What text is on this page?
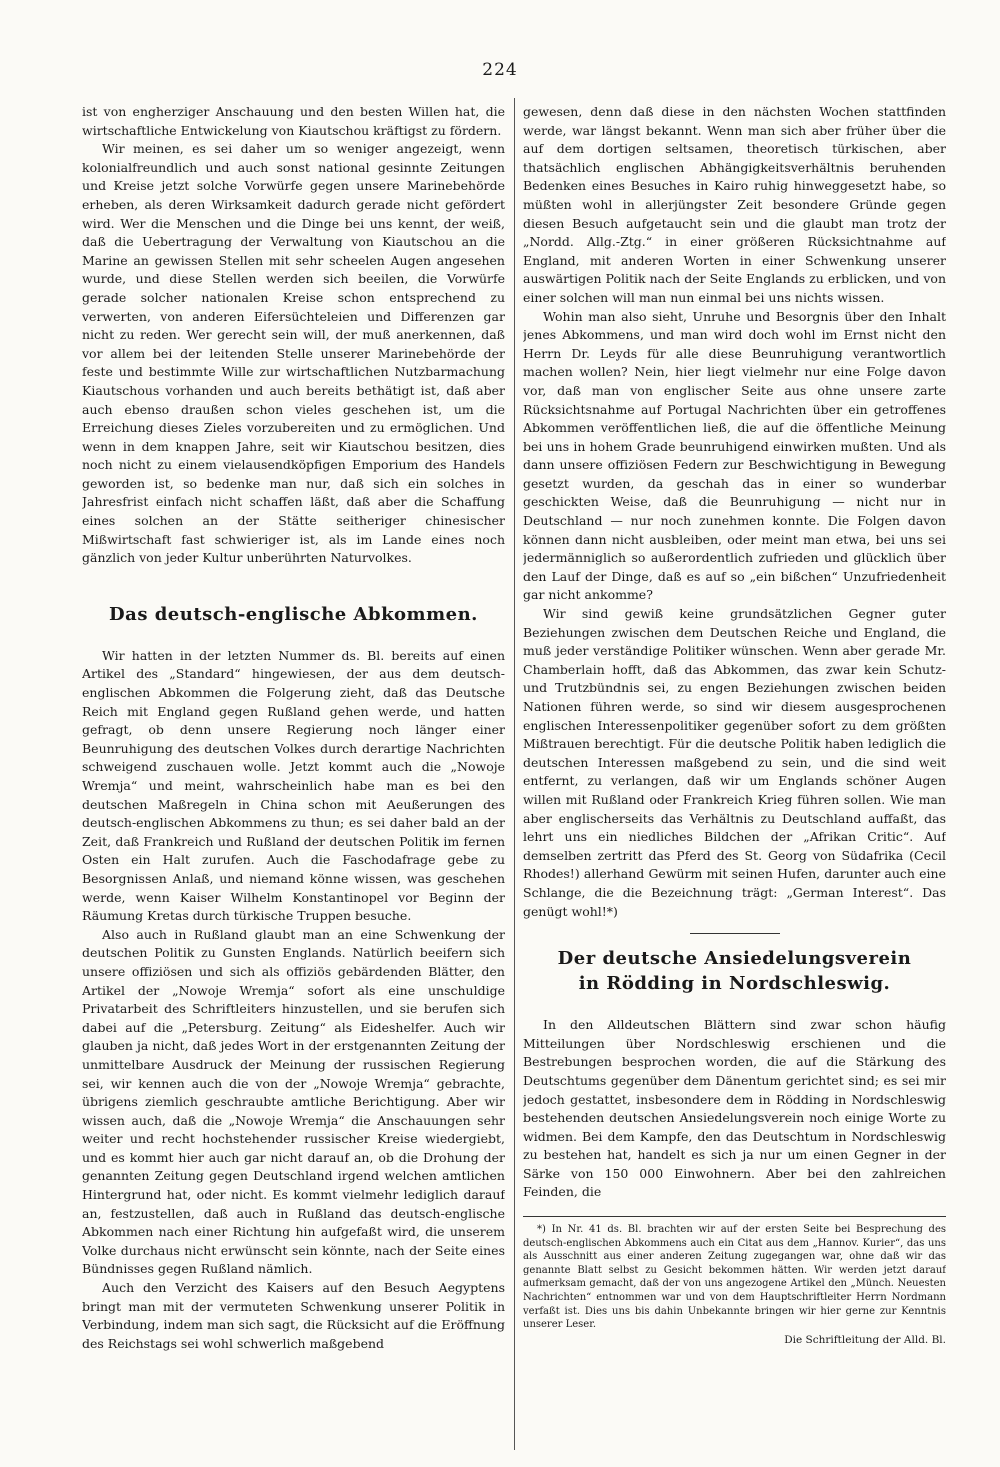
224

ist von engherziger Anschauung und den besten Willen hat, die wirtschaftliche Entwickelung von Kiautschou kräftigst zu fördern.

Wir meinen, es sei daher um so weniger angezeigt, wenn kolonialfreundlich und auch sonst national gesinnte Zeitungen und Kreise jetzt solche Vorwürfe gegen unsere Marinebehörde erheben, als deren Wirksamkeit dadurch gerade nicht gefördert wird. Wer die Menschen und die Dinge bei uns kennt, der weiß, daß die Uebertragung der Verwaltung von Kiautschou an die Marine an gewissen Stellen mit sehr scheelen Augen angesehen wurde, und diese Stellen werden sich beeilen, die Vorwürfe gerade solcher nationalen Kreise schon entsprechend zu verwerten, von anderen Eifersüchteleien und Differenzen gar nicht zu reden. Wer gerecht sein will, der muß anerkennen, daß vor allem bei der leitenden Stelle unserer Marinebehörde der feste und bestimmte Wille zur wirtschaftlichen Nutzbarmachung Kiautschous vorhanden und auch bereits bethätigt ist, daß aber auch ebenso draußen schon vieles geschehen ist, um die Erreichung dieses Zieles vorzubereiten und zu ermöglichen. Und wenn in dem knappen Jahre, seit wir Kiautschou besitzen, dies noch nicht zu einem vielausendköpfigen Emporium des Handels geworden ist, so bedenke man nur, daß sich ein solches in Jahresfrist einfach nicht schaffen läßt, daß aber die Schaffung eines solchen an der Stätte seitheriger chinesischer Mißwirtschaft fast schwieriger ist, als im Lande eines noch gänzlich von jeder Kultur unberührten Naturvolkes.

Das deutsch-englische Abkommen.

Wir hatten in der letzten Nummer ds. Bl. bereits auf einen Artikel des „Standard“ hingewiesen, der aus dem deutsch-englischen Abkommen die Folgerung zieht, daß das Deutsche Reich mit England gegen Rußland gehen werde, und hatten gefragt, ob denn unsere Regierung noch länger einer Beunruhigung des deutschen Volkes durch derartige Nachrichten schweigend zuschauen wolle. Jetzt kommt auch die „Nowoje Wremja“ und meint, wahrscheinlich habe man es bei den deutschen Maßregeln in China schon mit Aeußerungen des deutsch-englischen Abkommens zu thun; es sei daher bald an der Zeit, daß Frankreich und Rußland der deutschen Politik im fernen Osten ein Halt zurufen. Auch die Faschodafrage gebe zu Besorgnissen Anlaß, und niemand könne wissen, was geschehen werde, wenn Kaiser Wilhelm Konstantinopel vor Beginn der Räumung Kretas durch türkische Truppen besuche.

Also auch in Rußland glaubt man an eine Schwenkung der deutschen Politik zu Gunsten Englands. Natürlich beeifern sich unsere offiziösen und sich als offiziös gebärdenden Blätter, den Artikel der „Nowoje Wremja“ sofort als eine unschuldige Privatarbeit des Schriftleiters hinzustellen, und sie berufen sich dabei auf die „Petersburg. Zeitung“ als Eideshelfer. Auch wir glauben ja nicht, daß jedes Wort in der erstgenannten Zeitung der unmittelbare Ausdruck der Meinung der russischen Regierung sei, wir kennen auch die von der „Nowoje Wremja“ gebrachte, übrigens ziemlich geschraubte amtliche Berichtigung. Aber wir wissen auch, daß die „Nowoje Wremja“ die Anschauungen sehr weiter und recht hochstehender russischer Kreise wiedergiebt, und es kommt hier auch gar nicht darauf an, ob die Drohung der genannten Zeitung gegen Deutschland irgend welchen amtlichen Hintergrund hat, oder nicht. Es kommt vielmehr lediglich darauf an, festzustellen, daß auch in Rußland das deutsch-englische Abkommen nach einer Richtung hin aufgefaßt wird, die unserem Volke durchaus nicht erwünscht sein könnte, nach der Seite eines Bündnisses gegen Rußland nämlich.

Auch den Verzicht des Kaisers auf den Besuch Aegyptens bringt man mit der vermuteten Schwenkung unserer Politik in Verbindung, indem man sich sagt, die Rücksicht auf die Eröffnung des Reichstags sei wohl schwerlich maßgebend

gewesen, denn daß diese in den nächsten Wochen stattfinden werde, war längst bekannt. Wenn man sich aber früher über die auf dem dortigen seltsamen, theoretisch türkischen, aber thatsächlich englischen Abhängigkeitsverhältnis beruhenden Bedenken eines Besuches in Kairo ruhig hinweggesetzt habe, so müßten wohl in allerjüngster Zeit besondere Gründe gegen diesen Besuch aufgetaucht sein und die glaubt man trotz der „Nordd. Allg.-Ztg.“ in einer größeren Rücksichtnahme auf England, mit anderen Worten in einer Schwenkung unserer auswärtigen Politik nach der Seite Englands zu erblicken, und von einer solchen will man nun einmal bei uns nichts wissen.

Wohin man also sieht, Unruhe und Besorgnis über den Inhalt jenes Abkommens, und man wird doch wohl im Ernst nicht den Herrn Dr. Leyds für alle diese Beunruhigung verantwortlich machen wollen? Nein, hier liegt vielmehr nur eine Folge davon vor, daß man von englischer Seite aus ohne unsere zarte Rücksichtsnahme auf Portugal Nachrichten über ein getroffenes Abkommen veröffentlichen ließ, die auf die öffentliche Meinung bei uns in hohem Grade beunruhigend einwirken mußten. Und als dann unsere offiziösen Federn zur Beschwichtigung in Bewegung gesetzt wurden, da geschah das in einer so wunderbar geschickten Weise, daß die Beunruhigung — nicht nur in Deutschland — nur noch zunehmen konnte. Die Folgen davon können dann nicht ausbleiben, oder meint man etwa, bei uns sei jedermänniglich so außerordentlich zufrieden und glücklich über den Lauf der Dinge, daß es auf so „ein bißchen“ Unzufriedenheit gar nicht ankomme?

Wir sind gewiß keine grundsätzlichen Gegner guter Beziehungen zwischen dem Deutschen Reiche und England, die muß jeder verständige Politiker wünschen. Wenn aber gerade Mr. Chamberlain hofft, daß das Abkommen, das zwar kein Schutz- und Trutzbündnis sei, zu engen Beziehungen zwischen beiden Nationen führen werde, so sind wir diesem ausgesprochenen englischen Interessenpolitiker gegenüber sofort zu dem größten Mißtrauen berechtigt. Für die deutsche Politik haben lediglich die deutschen Interessen maßgebend zu sein, und die sind weit entfernt, zu verlangen, daß wir um Englands schöner Augen willen mit Rußland oder Frankreich Krieg führen sollen. Wie man aber englischerseits das Verhältnis zu Deutschland auffaßt, das lehrt uns ein niedliches Bildchen der „Afrikan Critic“. Auf demselben zertritt das Pferd des St. Georg von Südafrika (Cecil Rhodes!) allerhand Gewürm mit seinen Hufen, darunter auch eine Schlange, die die Bezeichnung trägt: „German Interest“. Das genügt wohl!*)

Der deutsche Ansiedelungsverein
in Rödding in Nordschleswig.

In den Alldeutschen Blättern sind zwar schon häufig Mitteilungen über Nordschleswig erschienen und die Bestrebungen besprochen worden, die auf die Stärkung des Deutschtums gegenüber dem Dänentum gerichtet sind; es sei mir jedoch gestattet, insbesondere dem in Rödding in Nordschleswig bestehenden deutschen Ansiedelungsverein noch einige Worte zu widmen. Bei dem Kampfe, den das Deutschtum in Nordschleswig zu bestehen hat, handelt es sich ja nur um einen Gegner in der Särke von 150 000 Einwohnern. Aber bei den zahlreichen Feinden, die

*) In Nr. 41 ds. Bl. brachten wir auf der ersten Seite bei Besprechung des deutsch-englischen Abkommens auch ein Citat aus dem „Hannov. Kurier“, das uns als Ausschnitt aus einer anderen Zeitung zugegangen war, ohne daß wir das genannte Blatt selbst zu Gesicht bekommen hätten. Wir werden jetzt darauf aufmerksam gemacht, daß der von uns angezogene Artikel den „Münch. Neuesten Nachrichten“ entnommen war und von dem Hauptschriftleiter Herrn Nordmann verfaßt ist. Dies uns bis dahin Unbekannte bringen wir hier gerne zur Kenntnis unserer Leser.

Die Schriftleitung der Alld. Bl.
